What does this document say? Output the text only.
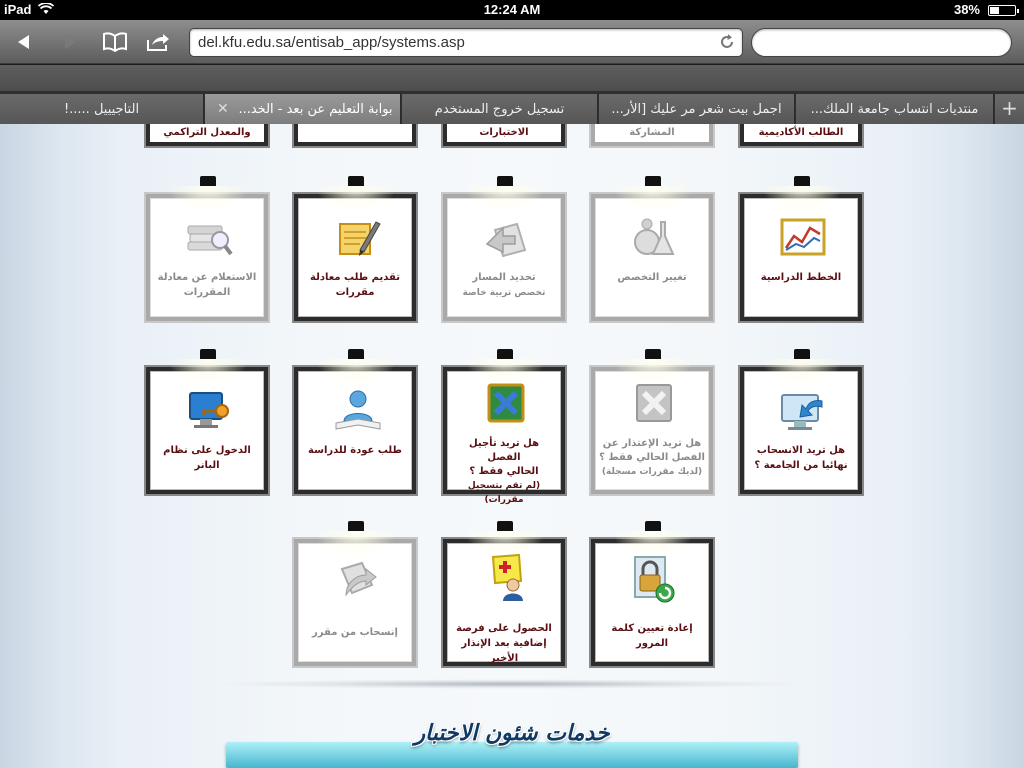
iPad	12:24 AM	38%
del.kfu.edu.sa/entisab_app/systems.asp
التاجيييل .....!	✕ بوابة التعليم عن بعد - الخد...	تسجيل خروج المستخدم	اجمل بيت شعر مر عليك [الأر... منتديات انتساب جامعة الملك...	+
الطالب الأكاديمية
المشاركة
الاختبارات
والمعدل التراكمي
الخطط الدراسية
تغيير التخصص
تحديد المسار
تخصص تربية خاصة
تقديم طلب معادلة
مقررات
الاستعلام عن معادلة
المقررات
هل تريد الانسحاب
نهائيا من الجامعة ؟
هل تريد الإعتذار عن
الفصل الحالي فقط ؟
(لديك مقررات مسجلة)
هل تريد تأجيل الفصل
الحالي فقط ؟
(لم تقم بتسجيل مقررات)
طلب عودة للدراسة
الدخول على نظام البانر
إعادة تعيين كلمة المرور
الحصول على فرصة
إضافية بعد الإنذار الأخير
إنسحاب من مقرر
خدمات شئون الاختبار
